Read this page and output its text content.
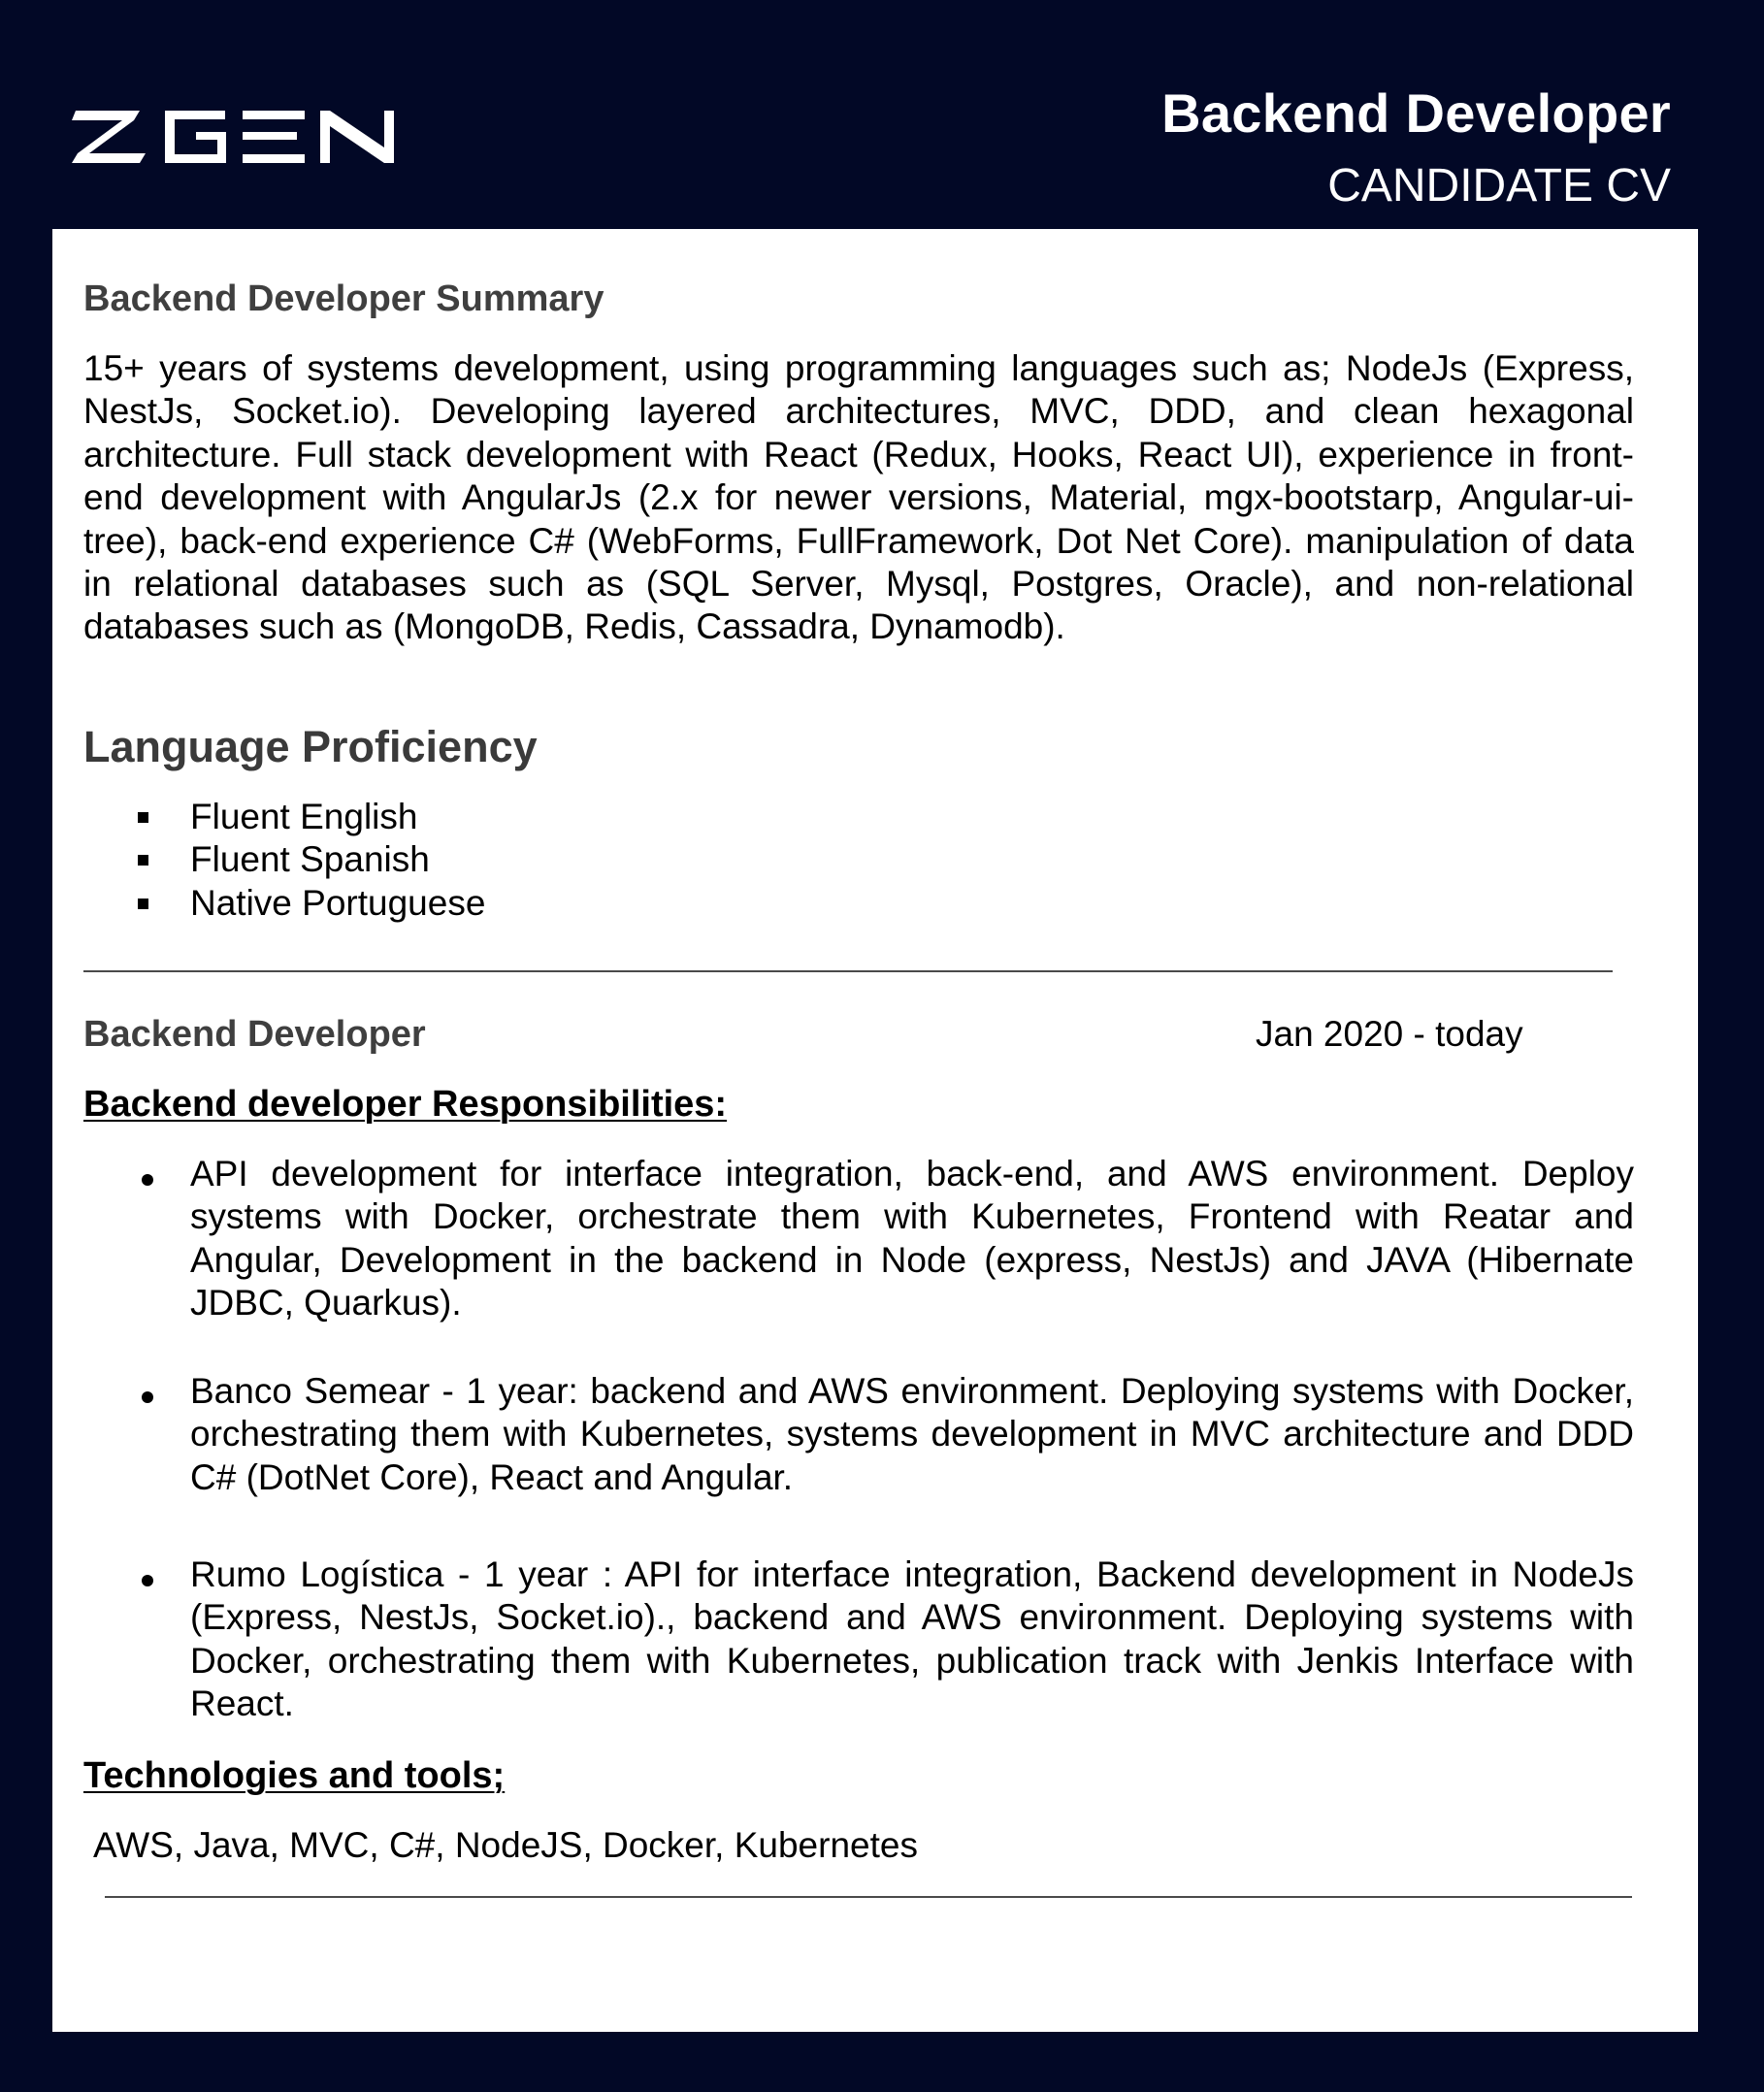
Backend Developer
CANDIDATE CV
Backend Developer Summary
15+ years of systems development, using programming languages such as; NodeJs (Express, NestJs, Socket.io). Developing layered architectures, MVC, DDD, and clean hexagonal architecture. Full stack development with React (Redux, Hooks, React UI), experience in front-end development with AngularJs (2.x for newer versions, Material, mgx-bootstarp, Angular-ui-tree), back-end experience C# (WebForms, FullFramework, Dot Net Core). manipulation of data in relational databases such as (SQL Server, Mysql, Postgres, Oracle), and non-relational databases such as (MongoDB, Redis, Cassadra, Dynamodb).
Language Proficiency
Fluent English
Fluent Spanish
Native Portuguese
Backend Developer	Jan 2020 - today
Backend developer Responsibilities:
API development for interface integration, back-end, and AWS environment. Deploy systems with Docker, orchestrate them with Kubernetes, Frontend with Reatar and Angular, Development in the backend in Node (express, NestJs) and JAVA (Hibernate JDBC, Quarkus).
Banco Semear - 1 year: backend and AWS environment. Deploying systems with Docker, orchestrating them with Kubernetes, systems development in MVC architecture and DDD C# (DotNet Core), React and Angular.
Rumo Logística - 1 year : API for interface integration, Backend development in NodeJs (Express, NestJs, Socket.io)., backend and AWS environment. Deploying systems with Docker, orchestrating them with Kubernetes, publication track with Jenkis Interface with React.
Technologies and tools;
AWS, Java, MVC, C#, NodeJS, Docker, Kubernetes
